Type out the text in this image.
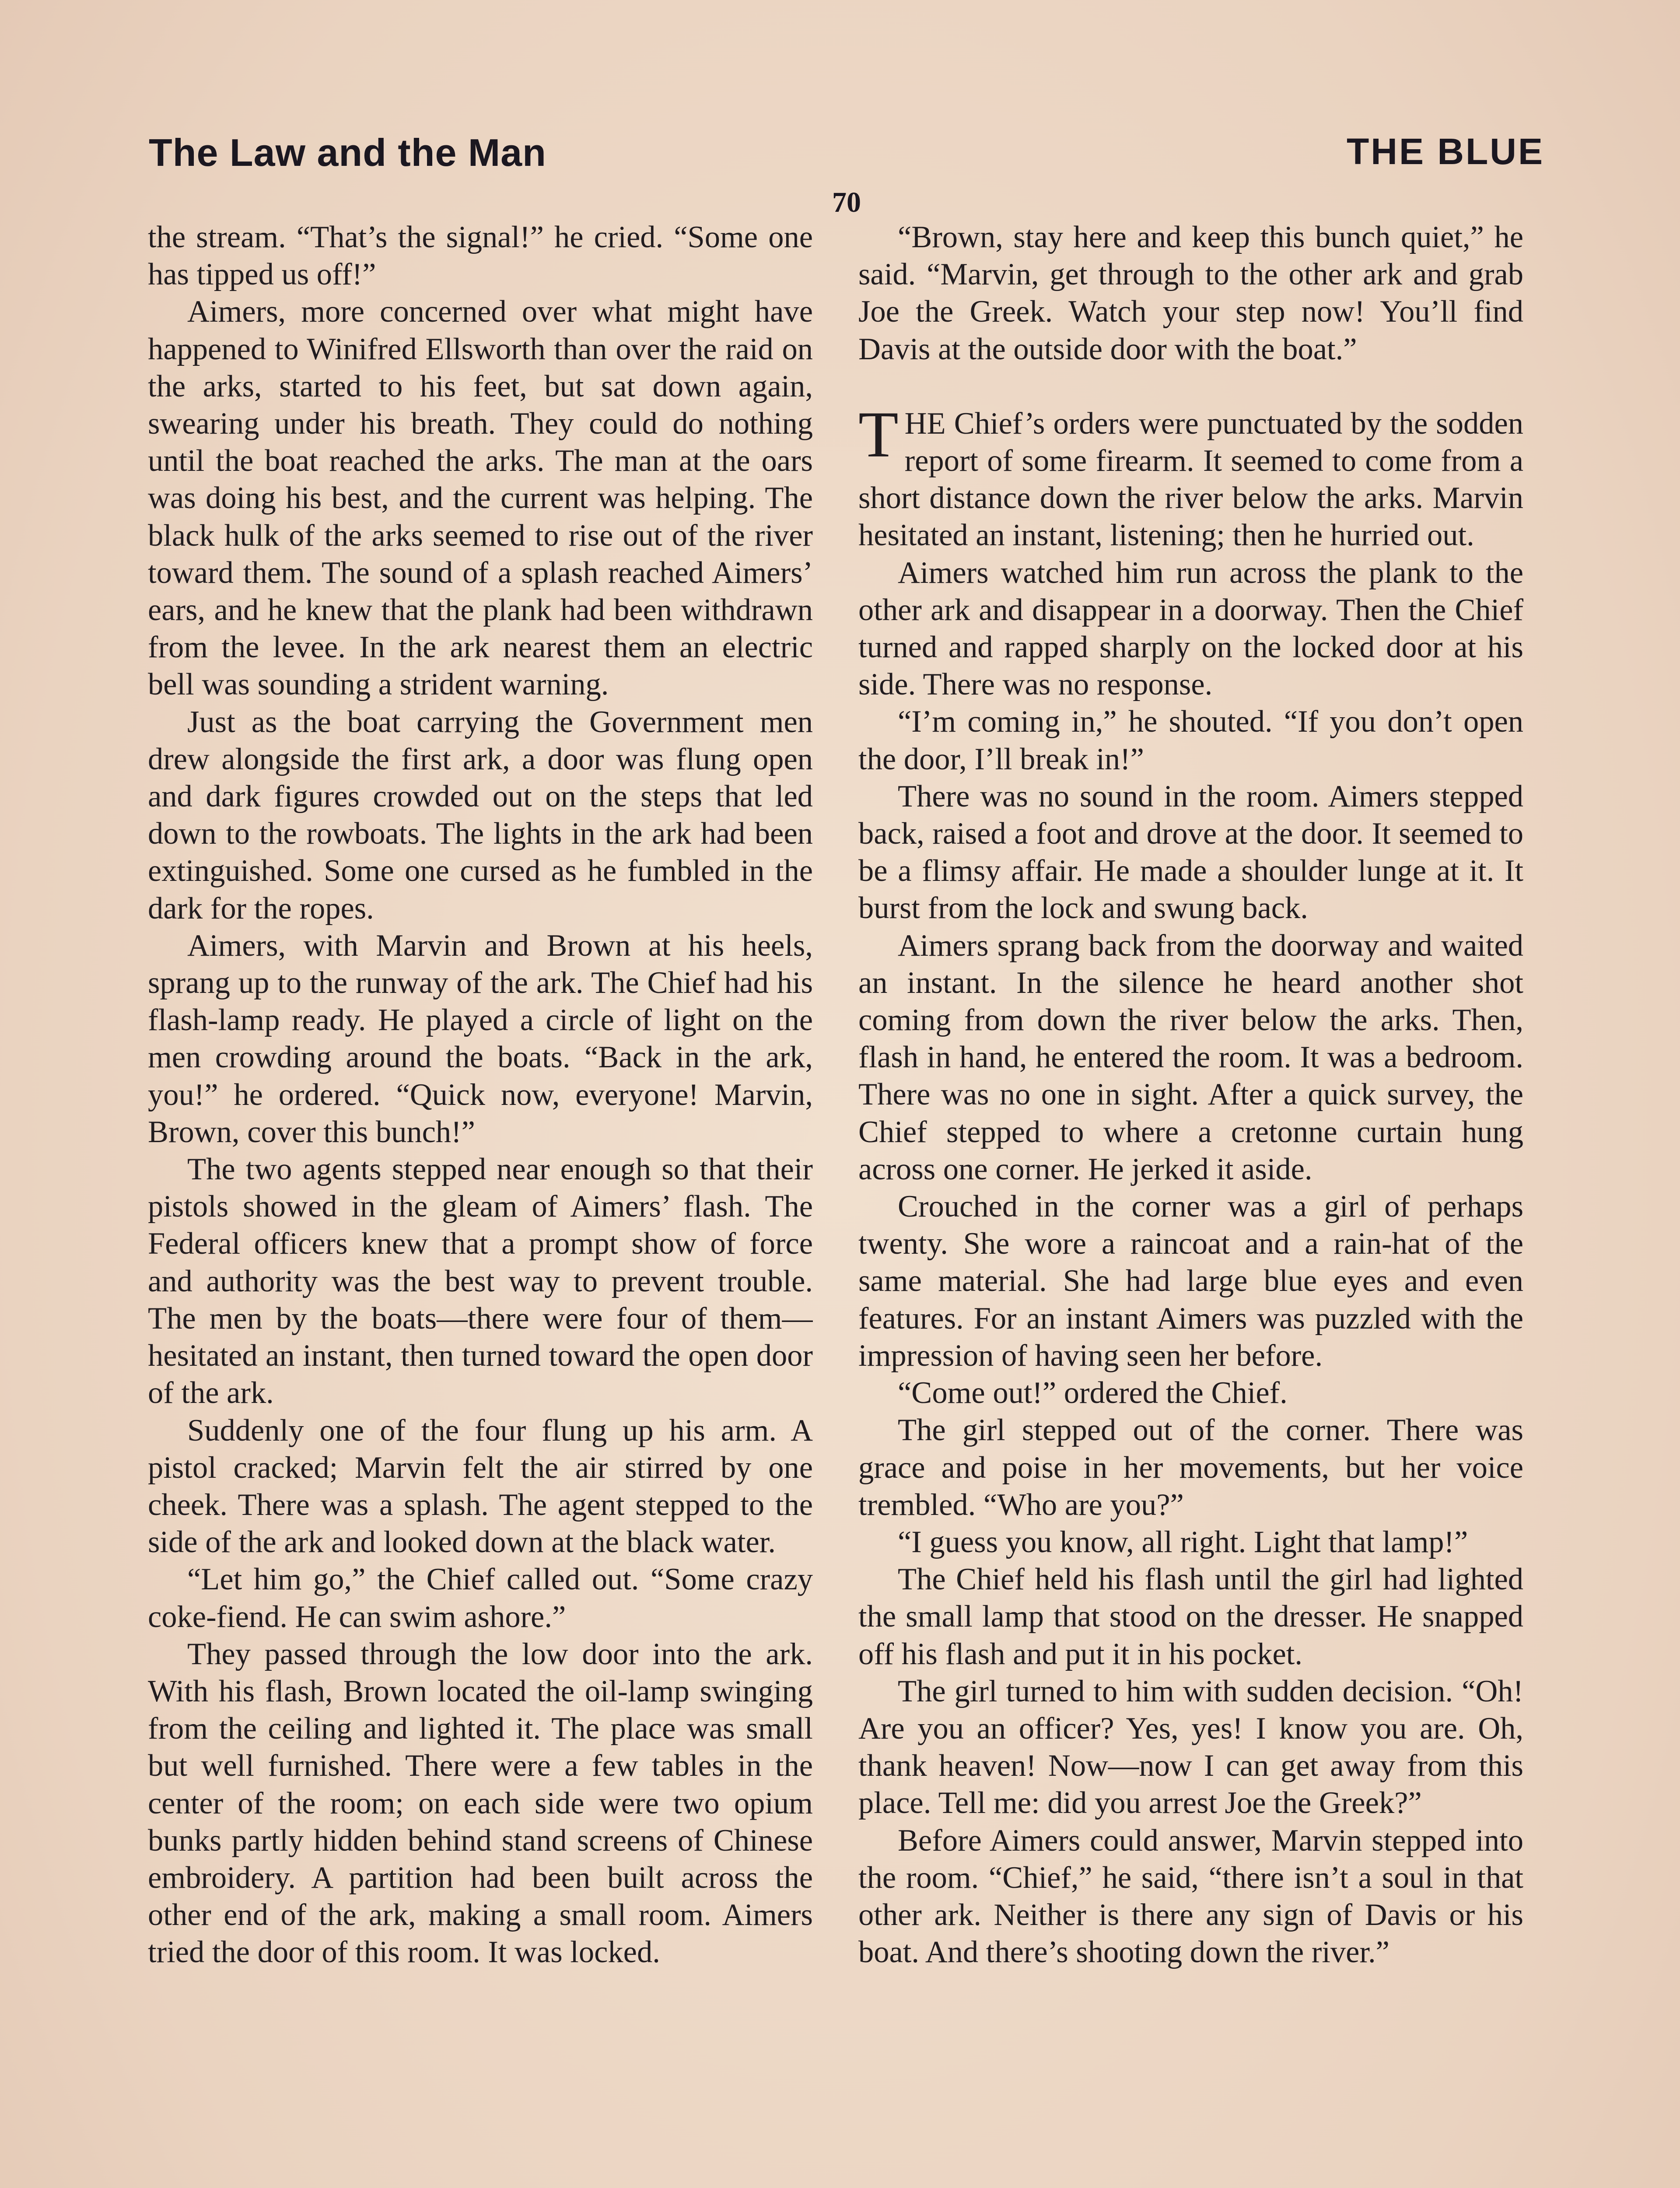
The Law and the Man	THE BLUE
70

the stream. “That’s the signal!” he cried. “Some one has tipped us off!”

Aimers, more concerned over what might have happened to Winifred Ellsworth than over the raid on the arks, started to his feet, but sat down again, swearing under his breath. They could do nothing until the boat reached the arks. The man at the oars was doing his best, and the current was helping. The black hulk of the arks seemed to rise out of the river toward them. The sound of a splash reached Aimers’ ears, and he knew that the plank had been withdrawn from the levee. In the ark nearest them an electric bell was sounding a strident warning.

Just as the boat carrying the Government men drew alongside the first ark, a door was flung open and dark figures crowded out on the steps that led down to the rowboats. The lights in the ark had been extinguished. Some one cursed as he fumbled in the dark for the ropes.

Aimers, with Marvin and Brown at his heels, sprang up to the runway of the ark. The Chief had his flash-lamp ready. He played a circle of light on the men crowding around the boats. “Back in the ark, you!” he ordered. “Quick now, everyone! Marvin, Brown, cover this bunch!”

The two agents stepped near enough so that their pistols showed in the gleam of Aimers’ flash. The Federal officers knew that a prompt show of force and authority was the best way to prevent trouble. The men by the boats—there were four of them—hesitated an instant, then turned toward the open door of the ark.

Suddenly one of the four flung up his arm. A pistol cracked; Marvin felt the air stirred by one cheek. There was a splash. The agent stepped to the side of the ark and looked down at the black water.

“Let him go,” the Chief called out. “Some crazy coke-fiend. He can swim ashore.”

They passed through the low door into the ark. With his flash, Brown located the oil-lamp swinging from the ceiling and lighted it. The place was small but well furnished. There were a few tables in the center of the room; on each side were two opium bunks partly hidden behind stand screens of Chinese embroidery. A partition had been built across the other end of the ark, making a small room. Aimers tried the door of this room. It was locked.

“Brown, stay here and keep this bunch quiet,” he said. “Marvin, get through to the other ark and grab Joe the Greek. Watch your step now! You’ll find Davis at the outside door with the boat.”

THE Chief’s orders were punctuated by the sodden report of some firearm. It seemed to come from a short distance down the river below the arks. Marvin hesitated an instant, listening; then he hurried out.

Aimers watched him run across the plank to the other ark and disappear in a doorway. Then the Chief turned and rapped sharply on the locked door at his side. There was no response.

“I’m coming in,” he shouted. “If you don’t open the door, I’ll break in!”

There was no sound in the room. Aimers stepped back, raised a foot and drove at the door. It seemed to be a flimsy affair. He made a shoulder lunge at it. It burst from the lock and swung back.

Aimers sprang back from the doorway and waited an instant. In the silence he heard another shot coming from down the river below the arks. Then, flash in hand, he entered the room. It was a bedroom. There was no one in sight. After a quick survey, the Chief stepped to where a cretonne curtain hung across one corner. He jerked it aside.

Crouched in the corner was a girl of perhaps twenty. She wore a raincoat and a rain-hat of the same material. She had large blue eyes and even features. For an instant Aimers was puzzled with the impression of having seen her before.

“Come out!” ordered the Chief.

The girl stepped out of the corner. There was grace and poise in her movements, but her voice trembled. “Who are you?”

“I guess you know, all right. Light that lamp!”

The Chief held his flash until the girl had lighted the small lamp that stood on the dresser. He snapped off his flash and put it in his pocket.

The girl turned to him with sudden decision. “Oh! Are you an officer? Yes, yes! I know you are. Oh, thank heaven! Now—now I can get away from this place. Tell me: did you arrest Joe the Greek?”

Before Aimers could answer, Marvin stepped into the room. “Chief,” he said, “there isn’t a soul in that other ark. Neither is there any sign of Davis or his boat. And there’s shooting down the river.”
